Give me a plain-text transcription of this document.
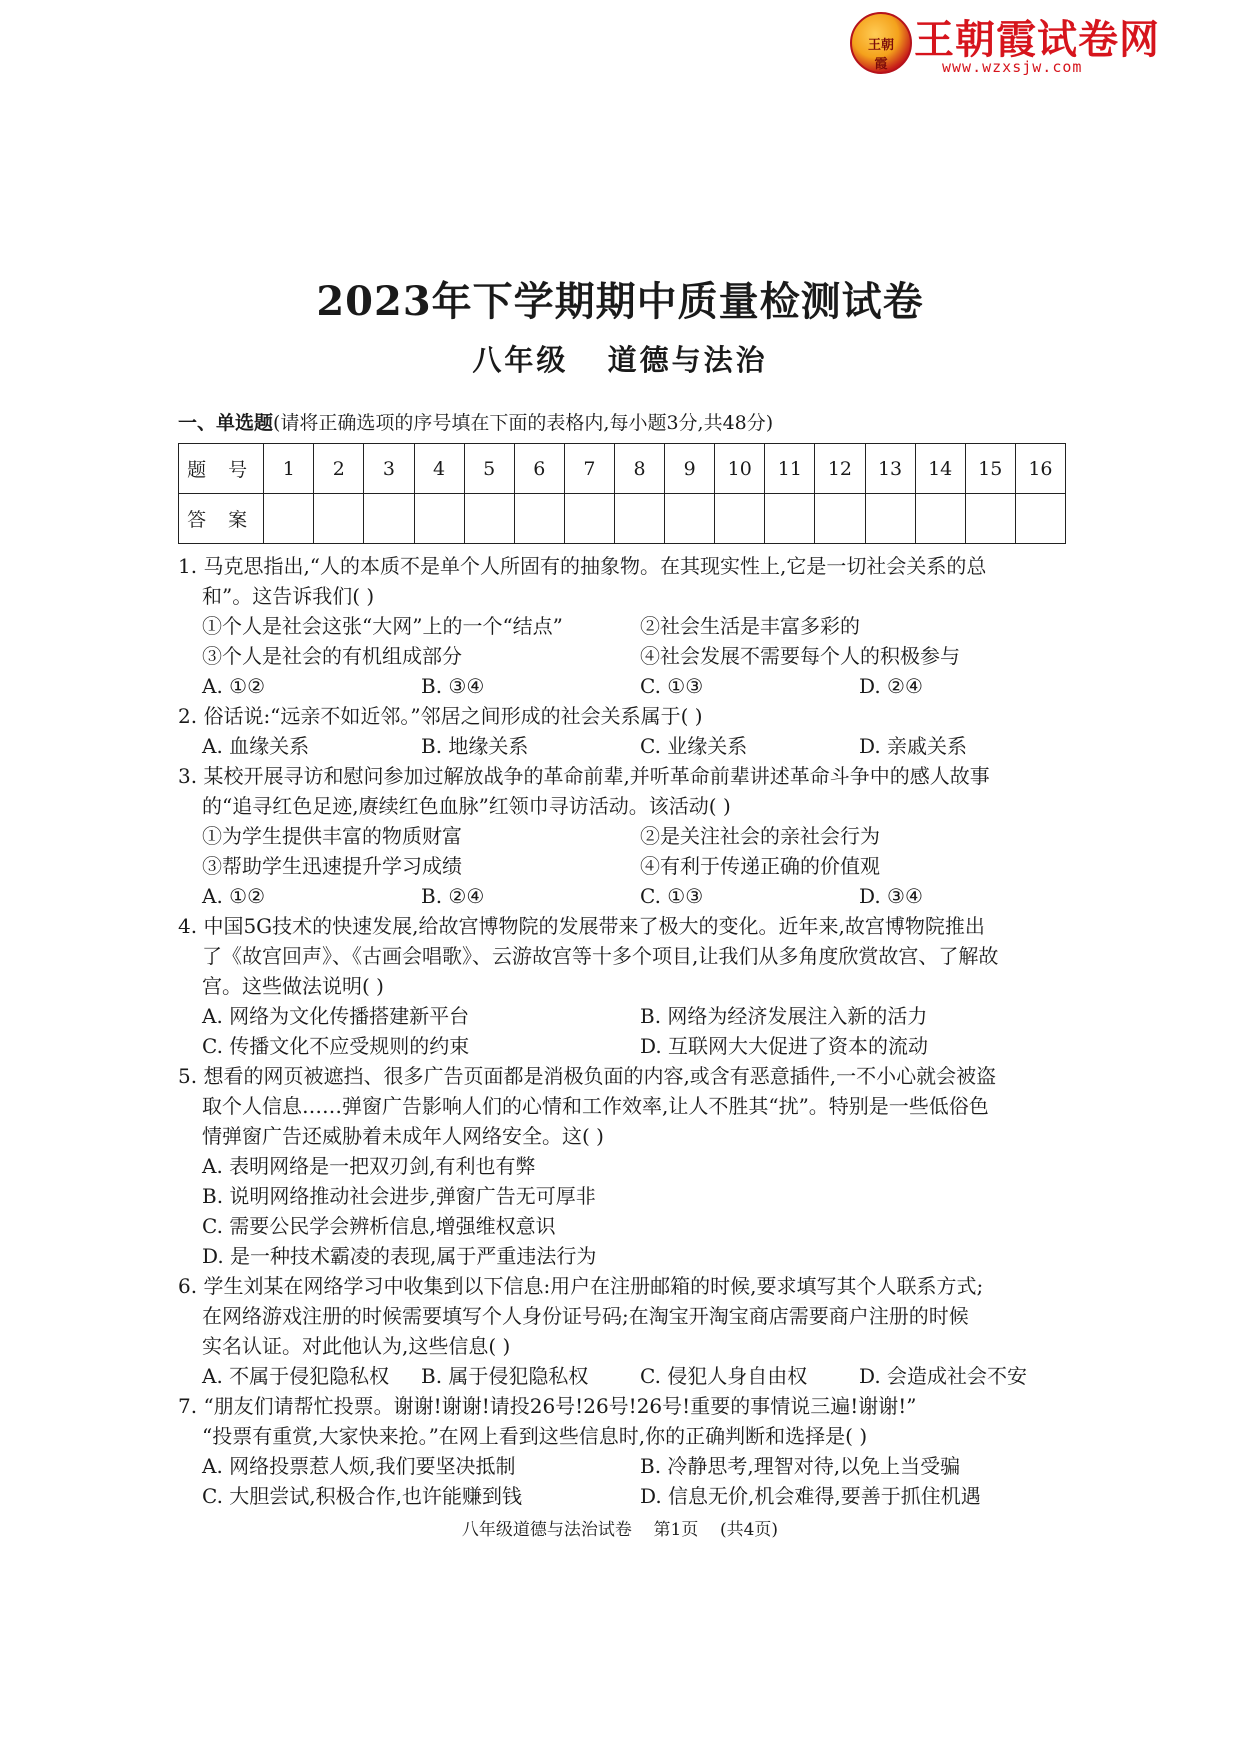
王朝霞
王朝霞试卷网
www.wzxsjw.com
2023年下学期期中质量检测试卷
八年级   道德与法治
一、单选题(请将正确选项的序号填在下面的表格内,每小题3分,共48分)
题 号	1	2	3	4	5	6	7	8	9	10	11	12	13	14	15	16
答 案																
1. 马克思指出,“人的本质不是单个人所固有的抽象物。在其现实性上,它是一切社会关系的总
和”。这告诉我们( )
①个人是社会这张“大网”上的一个“结点”	②社会生活是丰富多彩的
③个人是社会的有机组成部分	④社会发展不需要每个人的积极参与
A. ①②	B. ③④	C. ①③	D. ②④
2. 俗话说:“远亲不如近邻。”邻居之间形成的社会关系属于( )
A. 血缘关系	B. 地缘关系	C. 业缘关系	D. 亲戚关系
3. 某校开展寻访和慰问参加过解放战争的革命前辈,并听革命前辈讲述革命斗争中的感人故事
的“追寻红色足迹,赓续红色血脉”红领巾寻访活动。该活动( )
①为学生提供丰富的物质财富	②是关注社会的亲社会行为
③帮助学生迅速提升学习成绩	④有利于传递正确的价值观
A. ①②	B. ②④	C. ①③	D. ③④
4. 中国5G技术的快速发展,给故宫博物院的发展带来了极大的变化。近年来,故宫博物院推出
了《故宫回声》、《古画会唱歌》、云游故宫等十多个项目,让我们从多角度欣赏故宫、了解故
宫。这些做法说明( )
A. 网络为文化传播搭建新平台	B. 网络为经济发展注入新的活力
C. 传播文化不应受规则的约束	D. 互联网大大促进了资本的流动
5. 想看的网页被遮挡、很多广告页面都是消极负面的内容,或含有恶意插件,一不小心就会被盗
取个人信息……弹窗广告影响人们的心情和工作效率,让人不胜其“扰”。特别是一些低俗色
情弹窗广告还威胁着未成年人网络安全。这( )
A. 表明网络是一把双刃剑,有利也有弊
B. 说明网络推动社会进步,弹窗广告无可厚非
C. 需要公民学会辨析信息,增强维权意识
D. 是一种技术霸凌的表现,属于严重违法行为
6. 学生刘某在网络学习中收集到以下信息:用户在注册邮箱的时候,要求填写其个人联系方式;
在网络游戏注册的时候需要填写个人身份证号码;在淘宝开淘宝商店需要商户注册的时候
实名认证。对此他认为,这些信息( )
A. 不属于侵犯隐私权	B. 属于侵犯隐私权	C. 侵犯人身自由权	D. 会造成社会不安
7. “朋友们请帮忙投票。谢谢!谢谢!请投26号!26号!26号!重要的事情说三遍!谢谢!”
“投票有重赏,大家快来抢。”在网上看到这些信息时,你的正确判断和选择是( )
A. 网络投票惹人烦,我们要坚决抵制	B. 冷静思考,理智对待,以免上当受骗
C. 大胆尝试,积极合作,也许能赚到钱	D. 信息无价,机会难得,要善于抓住机遇
八年级道德与法治试卷    第1页    (共4页)
